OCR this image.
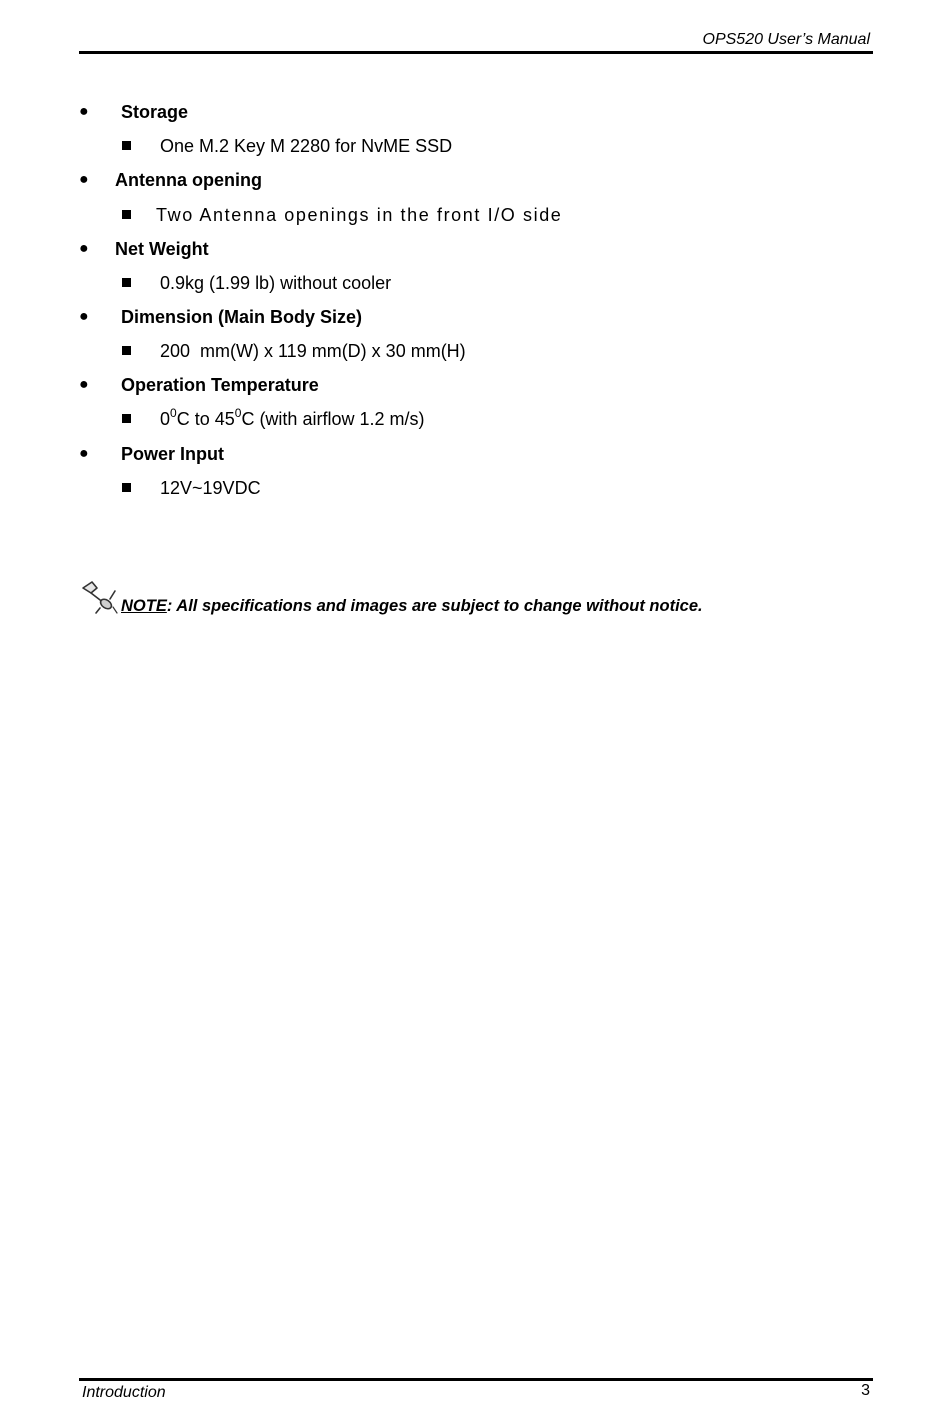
OPS520 User’s Manual
● Storage
One M.2 Key M 2280 for NvME SSD
● Antenna opening
Two Antenna openings in the front I/O side
● Net Weight
0.9kg (1.99 lb) without cooler
● Dimension (Main Body Size)
200  mm(W) x 119 mm(D) x 30 mm(H)
● Operation Temperature
$0^0C$ to $45^0C$ (with airflow 1.2 m/s)
● Power Input
12V~19VDC
NOTE: All specifications and images are subject to change without notice.
Introduction	3
